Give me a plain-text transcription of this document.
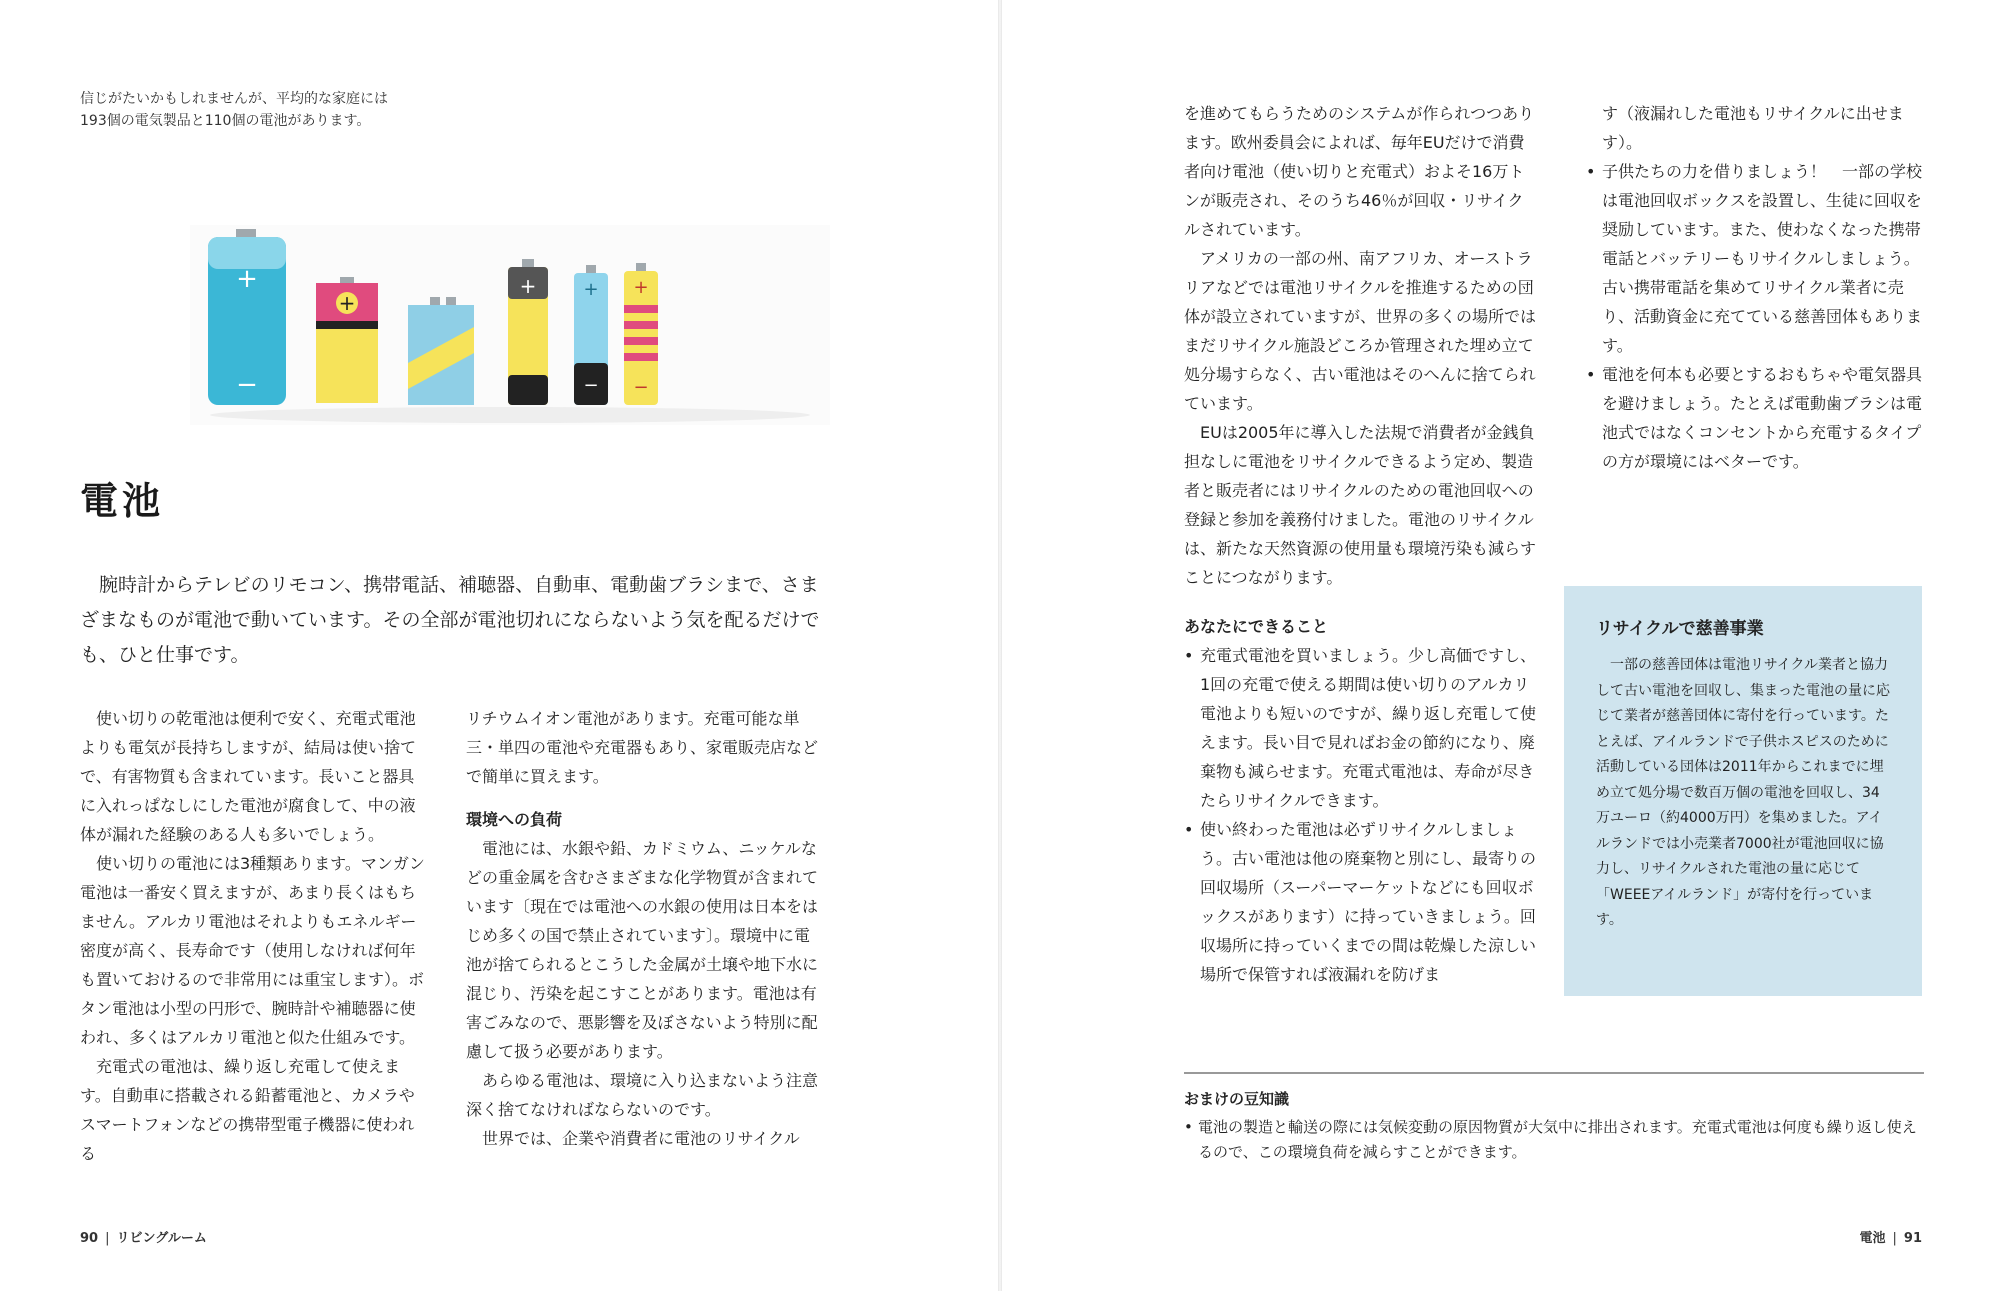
信じがたいかもしれませんが、平均的な家庭には
193個の電気製品と110個の電池があります。
+
−
+
+	+
−
+
−
電池

腕時計からテレビのリモコン、携帯電話、補聴器、自動車、電動歯ブラシまで、さまざまなものが電池で動いています。その全部が電池切れにならないよう気を配るだけでも、ひと仕事です。

使い切りの乾電池は便利で安く、充電式電池よりも電気が長持ちしますが、結局は使い捨てで、有害物質も含まれています。長いこと器具に入れっぱなしにした電池が腐食して、中の液体が漏れた経験のある人も多いでしょう。

使い切りの電池には3種類あります。マンガン電池は一番安く買えますが、あまり長くはもちません。アルカリ電池はそれよりもエネルギー密度が高く、長寿命です（使用しなければ何年も置いておけるので非常用には重宝します）。ボタン電池は小型の円形で、腕時計や補聴器に使われ、多くはアルカリ電池と似た仕組みです。

充電式の電池は、繰り返し充電して使えます。自動車に搭載される鉛蓄電池と、カメラやスマートフォンなどの携帯型電子機器に使われる

リチウムイオン電池があります。充電可能な単三・単四の電池や充電器もあり、家電販売店などで簡単に買えます。

環境への負荷

電池には、水銀や鉛、カドミウム、ニッケルなどの重金属を含むさまざまな化学物質が含まれています〔現在では電池への水銀の使用は日本をはじめ多くの国で禁止されています〕。環境中に電池が捨てられるとこうした金属が土壌や地下水に混じり、汚染を起こすことがあります。電池は有害ごみなので、悪影響を及ぼさないよう特別に配慮して扱う必要があります。

あらゆる電池は、環境に入り込まないよう注意深く捨てなければならないのです。

世界では、企業や消費者に電池のリサイクル

90 | リビングルーム

を進めてもらうためのシステムが作られつつあります。欧州委員会によれば、毎年EUだけで消費者向け電池（使い切りと充電式）およそ16万トンが販売され、そのうち46％が回収・リサイクルされています。

アメリカの一部の州、南アフリカ、オーストラリアなどでは電池リサイクルを推進するための団体が設立されていますが、世界の多くの場所ではまだリサイクル施設どころか管理された埋め立て処分場すらなく、古い電池はそのへんに捨てられています。

EUは2005年に導入した法規で消費者が金銭負担なしに電池をリサイクルできるよう定め、製造者と販売者にはリサイクルのための電池回収への登録と参加を義務付けました。電池のリサイクルは、新たな天然資源の使用量も環境汚染も減らすことにつながります。

あなたにできること
• 充電式電池を買いましょう。少し高価ですし、1回の充電で使える期間は使い切りのアルカリ電池よりも短いのですが、繰り返し充電して使えます。長い目で見ればお金の節約になり、廃棄物も減らせます。充電式電池は、寿命が尽きたらリサイクルできます。
• 使い終わった電池は必ずリサイクルしましょう。古い電池は他の廃棄物と別にし、最寄りの回収場所（スーパーマーケットなどにも回収ボックスがあります）に持っていきましょう。回収場所に持っていくまでの間は乾燥した涼しい場所で保管すれば液漏れを防げま

す（液漏れした電池もリサイクルに出せます）。

• 子供たちの力を借りましょう！　一部の学校は電池回収ボックスを設置し、生徒に回収を奨励しています。また、使わなくなった携帯電話とバッテリーもリサイクルしましょう。古い携帯電話を集めてリサイクル業者に売り、活動資金に充てている慈善団体もあります。
• 電池を何本も必要とするおもちゃや電気器具を避けましょう。たとえば電動歯ブラシは電池式ではなくコンセントから充電するタイプの方が環境にはベターです。
リサイクルで慈善事業

一部の慈善団体は電池リサイクル業者と協力して古い電池を回収し、集まった電池の量に応じて業者が慈善団体に寄付を行っています。たとえば、アイルランドで子供ホスピスのために活動している団体は2011年からこれまでに埋め立て処分場で数百万個の電池を回収し、34万ユーロ（約4000万円）を集めました。アイルランドでは小売業者7000社が電池回収に協力し、リサイクルされた電池の量に応じて「WEEEアイルランド」が寄付を行っています。

おまけの豆知識
• 電池の製造と輸送の際には気候変動の原因物質が大気中に排出されます。充電式電池は何度も繰り返し使えるので、この環境負荷を減らすことができます。
電池 | 91
